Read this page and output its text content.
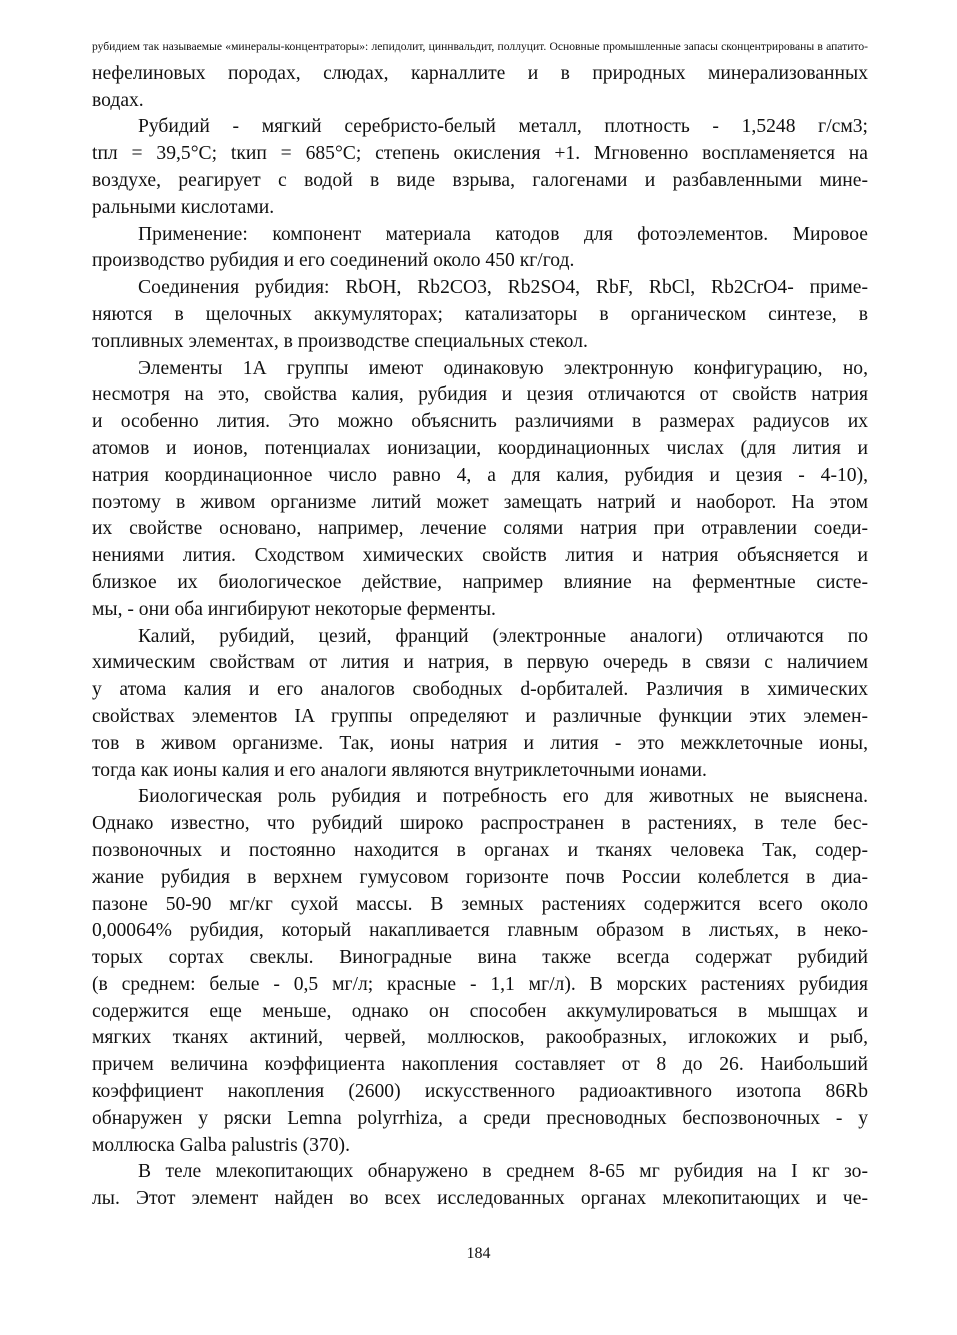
рубидием так называемые «минералы-концентраторы»: лепидолит, циннвальдит, поллуцит. Основные промышленные запасы сконцентрированы в апатито-
нефелиновых породах, слюдах, карналлите и в природных минерализованных
водах.
Рубидий - мягкий серебристо-белый металл, плотность - 1,5248 г/см3;
tпл = 39,5°С; tкип = 685°С; степень окисления +1. Мгновенно воспламеняется на
воздухе, реагирует с водой в виде взрыва, галогенами и разбавленными мине-
ральными кислотами.
Применение: компонент материала катодов для фотоэлементов. Мировое
производство рубидия и его соединений около 450 кг/год.
Соединения рубидия: RbOH, Rb2CO3, Rb2SO4, RbF, RbCl, Rb2CrO4- приме-
няются в щелочных аккумуляторах; катализаторы в органическом синтезе, в
топливных элементах, в производстве специальных стекол.
Элементы 1А группы имеют одинаковую электронную конфигурацию, но,
несмотря на это, свойства калия, рубидия и цезия отличаются от свойств натрия
и особенно лития. Это можно объяснить различиями в размерах радиусов их
атомов и ионов, потенциалах ионизации, координационных числах (для лития и
натрия координационное число равно 4, а для калия, рубидия и цезия - 4-10),
поэтому в живом организме литий может замещать натрий и наоборот. На этом
их свойстве основано, например, лечение солями натрия при отравлении соеди-
нениями лития. Сходством химических свойств лития и натрия объясняется и
близкое их биологическое действие, например влияние на ферментные систе-
мы, - они оба ингибируют некоторые ферменты.
Калий, рубидий, цезий, франций (электронные аналоги) отличаются по
химическим свойствам от лития и натрия, в первую очередь в связи с наличием
у атома калия и его аналогов свободных d-орбиталей. Различия в химических
свойствах элементов IA группы определяют и различные функции этих элемен-
тов в живом организме. Так, ионы натрия и лития - это межклеточные ионы,
тогда как ионы калия и его аналоги являются внутриклеточными ионами.
Биологическая роль рубидия и потребность его для животных не выяснена.
Однако известно, что рубидий широко распространен в растениях, в теле бес-
позвоночных и постоянно находится в органах и тканях человека Так, содер-
жание рубидия в верхнем гумусовом горизонте почв России колеблется в диа-
пазоне 50-90 мг/кг сухой массы. В земных растениях содержится всего около
0,00064% рубидия, который накапливается главным образом в листьях, в неко-
торых сортах свеклы. Виноградные вина также всегда содержат рубидий
(в среднем: белые - 0,5 мг/л; красные - 1,1 мг/л). В морских растениях рубидия
содержится еще меньше, однако он способен аккумулироваться в мышцах и
мягких тканях актиний, червей, моллюсков, ракообразных, иглокожих и рыб,
причем величина коэффициента накопления составляет от 8 до 26. Наибольший
коэффициент накопления (2600) искусственного радиоактивного изотопа 86Rb
обнаружен у ряски Lemna polyrrhiza, а среди пресноводных беспозвоночных - у
моллюска Galba palustris (370).
В теле млекопитающих обнаружено в среднем 8-65 мг рубидия на I кг зо-
лы. Этот элемент найден во всех исследованных органах млекопитающих и че-
184
